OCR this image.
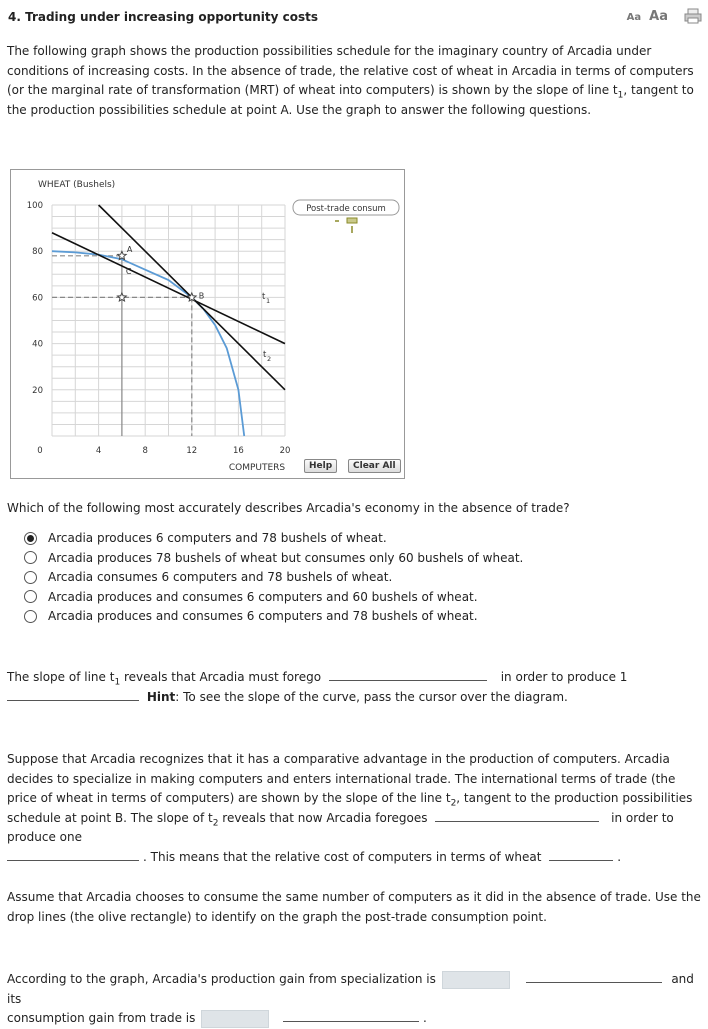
4. Trading under increasing opportunity costs	Aa Aa
The following graph shows the production possibilities schedule for the imaginary country of Arcadia under conditions of increasing costs. In the absence of trade, the relative cost of wheat in Arcadia in terms of computers (or the marginal rate of transformation (MRT) of wheat into computers) is shown by the slope of line $t_1$, tangent to the production possibilities schedule at point A. Use the graph to answer the following questions.
0	4	8	12	16	20
100
80
60
40
20
A
B
C
t 1
t 2
WHEAT (Bushels)
COMPUTERS
Post-trade consum
Help	Clear All
Which of the following most accurately describes Arcadia's economy in the absence of trade?
Arcadia produces 6 computers and 78 bushels of wheat.
Arcadia produces 78 bushels of wheat but consumes only 60 bushels of wheat.
Arcadia consumes 6 computers and 78 bushels of wheat.
Arcadia produces and consumes 6 computers and 60 bushels of wheat.
Arcadia produces and consumes 6 computers and 78 bushels of wheat.
The slope of line $t_1$ reveals that Arcadia must forego	in order to produce 1
Hint: To see the slope of the curve, pass the cursor over the diagram.
Suppose that Arcadia recognizes that it has a comparative advantage in the production of computers. Arcadia decides to specialize in making computers and enters international trade. The international terms of trade (the price of wheat in terms of computers) are shown by the slope of the line $t_2$, tangent to the production possibilities schedule at point B. The slope of $t_2$ reveals that now Arcadia foregoes	in order to produce one
. This means that the relative cost of computers in terms of wheat	.
Assume that Arcadia chooses to consume the same number of computers as it did in the absence of trade. Use the drop lines (the olive rectangle) to identify on the graph the post-trade consumption point.
According to the graph, Arcadia's production gain from specialization is	and its
consumption gain from trade is	.
